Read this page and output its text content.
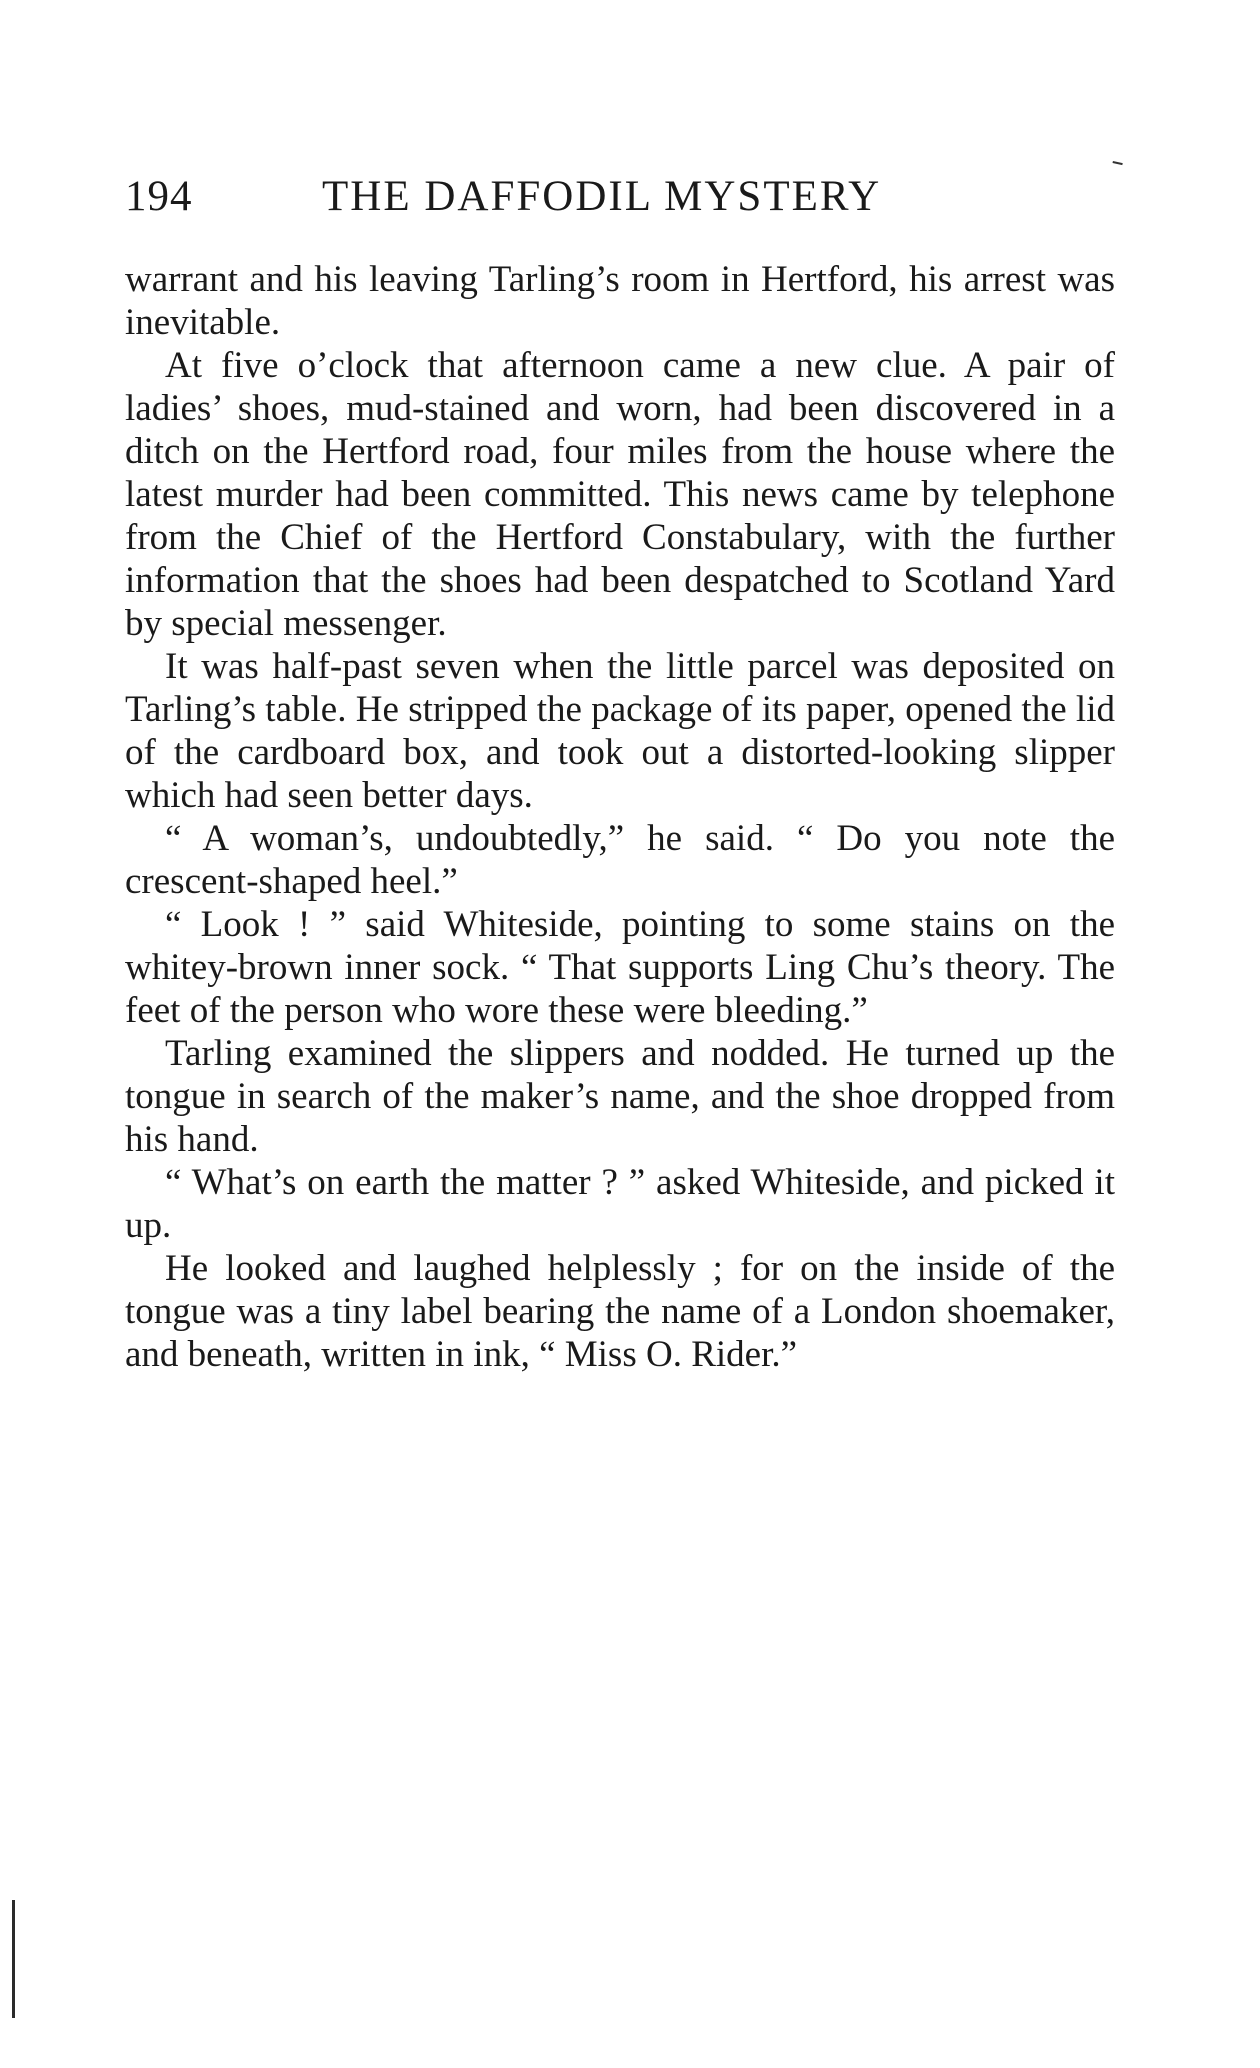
194	THE DAFFODIL MYSTERY

warrant and his leaving Tarling’s room in Hertford, his arrest was inevitable.

At five o’clock that afternoon came a new clue. A pair of ladies’ shoes, mud-stained and worn, had been discovered in a ditch on the Hertford road, four miles from the house where the latest murder had been committed. This news came by telephone from the Chief of the Hertford Constabulary, with the further information that the shoes had been despatched to Scotland Yard by special messenger.

It was half-past seven when the little parcel was deposited on Tarling’s table. He stripped the package of its paper, opened the lid of the cardboard box, and took out a distorted-looking slipper which had seen better days.

“ A woman’s, undoubtedly,” he said. “ Do you note the crescent-shaped heel.”

“ Look ! ” said Whiteside, pointing to some stains on the whitey-brown inner sock. “ That supports Ling Chu’s theory. The feet of the person who wore these were bleeding.”

Tarling examined the slippers and nodded. He turned up the tongue in search of the maker’s name, and the shoe dropped from his hand.

“ What’s on earth the matter ? ” asked Whiteside, and picked it up.

He looked and laughed helplessly ; for on the inside of the tongue was a tiny label bearing the name of a London shoemaker, and beneath, written in ink, “ Miss O. Rider.”
